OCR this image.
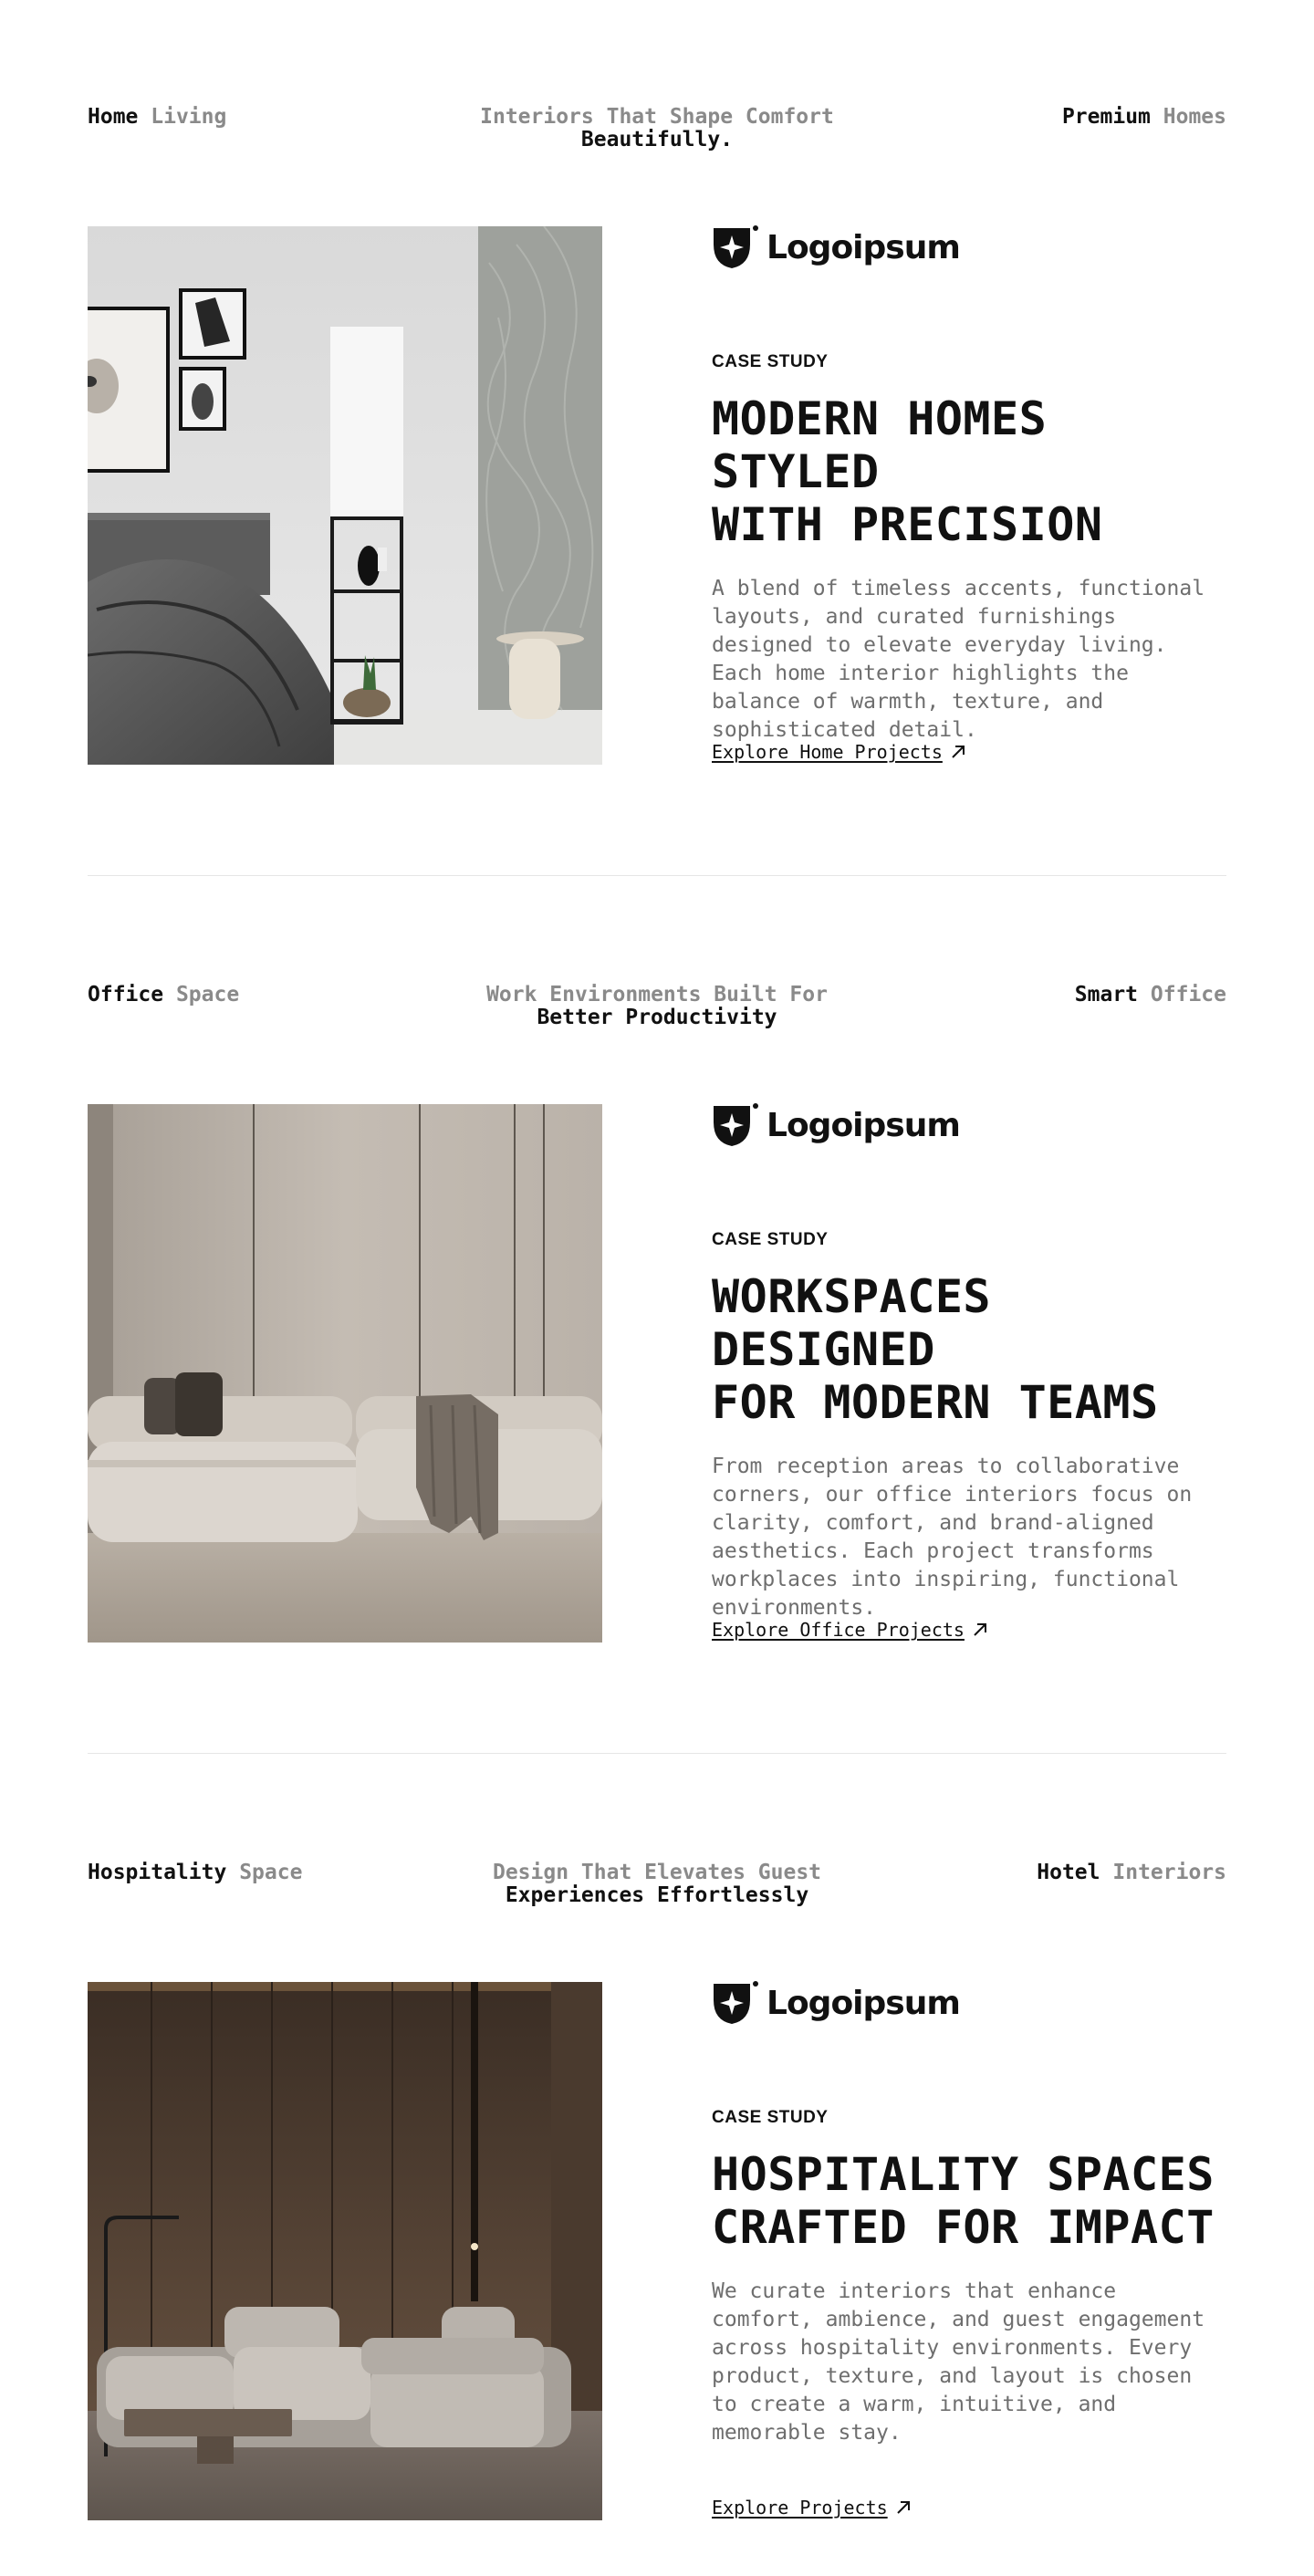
Home Living	Interiors That Shape Comfort
Beautifully.
Premium Homes
Logoipsum
CASE STUDY
MODERN HOMES STYLED
WITH PRECISION

A blend of timeless accents, functional layouts, and curated furnishings designed to elevate everyday living. Each home interior highlights the balance of warmth, texture, and sophisticated detail.

Explore Home Projects
Office Space	Work Environments Built For
Better Productivity
Smart Office
Logoipsum
CASE STUDY
WORKSPACES DESIGNED
FOR MODERN TEAMS

From reception areas to collaborative corners, our office interiors focus on clarity, comfort, and brand-aligned aesthetics. Each project transforms workplaces into inspiring, functional environments.

Explore Office Projects
Hospitality Space	Design That Elevates Guest
Experiences Effortlessly
Hotel Interiors
Logoipsum
CASE STUDY
HOSPITALITY SPACES
CRAFTED FOR IMPACT

We curate interiors that enhance comfort, ambience, and guest engagement across hospitality environments. Every product, texture, and layout is chosen to create a warm, intuitive, and memorable stay.

Explore Projects
